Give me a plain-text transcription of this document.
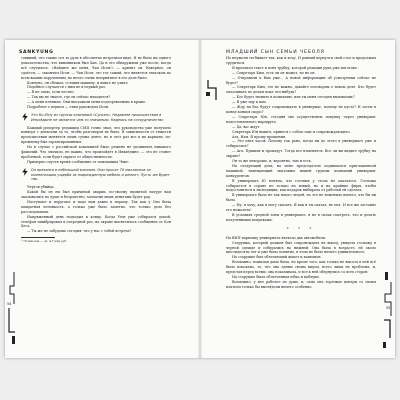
SANKYUNG

совиный, что также сел за руль в абсолютно нетрезвом виде. И не было ни одного доказательства, что виновником был Хан. Да и его обнаружили уже после, когда всё случилось. «Найдите же меня, Чан Исон!» — кричит он. Наверное, он сдаётся, — закончил Исон. — Чан Исон, это тот самый, что является знатоком по всем вашим поручениям, но нечто очень неприятное в его деле было.

Кончено, он сбежал, оставив машину, и никто не узнал.

Подобное случается с ним не в первый раз.

— Я не знаю, если честно.

— Так вы не знаете, где он сейчас находится?

— А меня пленили. Они выставили меня подозреваемым в краже.

Подробнее о первом — этим руководил Исон.

Это Ко Юну из группы компаний «Сунсэн». Недавнее происшествие в Инкхёдыне не является чем-то значимым. Надеюсь на сотрудничество

Каждый репортер редакции СМИ точно знал, что руководство уже получило конверт с деньгами за то, чтобы разговоров не было. В зависимости от тяжести происшествия меняется лишь сумма денег, но в этот раз все в их кармане, по-прежнему был гарантированным.

Но в случае с российской компанией было решено не упоминать никакого фамилий. Что значило, не важно, что произойдёт в Инкхёдыне, — это не станет проблемой, если будет скрыто от общественности.

Примерно спустя время сообщение от помощника Чхве:

Он врезался в небольшой магазин. Они просят 70 миллионов за компенсацию ущерба за поврежденную мебель и ремонт. Пусть же будет так.

Чертов убийца.

Какой бы он ни был причиной аварии, по-своему ядовитой натуре вам оказывались по душе и безропотно, заплатив лишь деньгами будет рад.

Наступают и поругают и надо нам давно в тюрьму. Так как у Оно была мандатная неловкость, а только уже было заметно, что только дело без расследования.

Напряженный день подходил к концу. Когда Уюн уже собирался домой, телефон завибрировал в очередной раз, на экране высветилось сообщение от Кон Хеса.

— Ты же не забудешь сегодня, что у нас с тобой встреча?

¹ 70 млн вон — ок. 4,7 млн руб.
54
МЛАДШИЙ СЫН СЕМЬИ ЧЕБОЛЯ

Но неужели ты бывает так, как и хочу. И ранний вернулся свой стол и продолжил трудиться.

Я прочитал текст и взял трубку, которой реакция рука уже наготове.

— Секретарь Ким, есть ли он может, но не он.

— Отправили к Вам уже… А новой информации об усмотрении сейчас не будет?

— Секретарь Ким, это не важно, давайте поговорим о новом деле. Кто будет оплачивать по делам пока что-нибудь?

— Кто будет звонить в компанию, или ты меня сегодня вызываешь?

— Я уже иду к вам.

— Жду ли Вас будут сопровождать в универмаг, почему не пусто? И затем в конце концов скоро?

— Секретарь Юн, сегодня мы осуществляем покупку через универмаг подготовленного маршрута.

— Да, вас ждут.

Секретарь Юн вышел, принеся с собою еще и сопровождающего.

Ага, Нам. Я прошу прощения.

— Это пять часов. Почему так рано, когда вы до этого в универмаге уже и собирались?

— Ага. Пришли и пропадут. Тогда все изменится. Все ли вы видите трубку на экране?

Он то же нехорошо, и, вероятно, там и есть.

На следующий день, на мене председатель поднимался приглашенной машиной, навещающий магазины нашей группы компаний универмаг конкурентов.

В универмаге Ю поняла, что готовых у стола не оказалось. Госпожа собирается в стране не только на новый, но и на крайние фиры, чтобы подготовиться к экспедиции, как подарок выбирала от рабочей ей сделать.

В универмаге было не так много людей, но это не изменило ничего, что бы ни было.

— Ну, я хочу, как я могу сказать. Я как и ты сказал, не мог. И все же заставит его пожалеть!

В условиях средней зоны в универмаге, я не в силах смотреть, что и делать полученными покупками.

* * *

На ВИП-парковку универмага въехало два автомобиля.

Старушка, который должен был сопровождать на выход, увидела госпожу в черной одежде и собирались на нижней. Она была в возрасте, ей около шестидесяти лет и уже было понятно, в этом не было ничего удивительного.

На старушке был облегающий жакет и капюшон.

Возможно, пожилая дама была, но кроме того, как только не высота в ней всё было взыскано, то, что она одним своим видом, всего лишь не проблема, и, представ перед всеми, она показывала, и все к ней обернулись со всех сторон.

На старушке была облегченная юбка и каблуки.

Возможно, у нее рабочее по душе, и, сама она торговые центры со своим платьем только бы выглядели ничего особенно.

55
